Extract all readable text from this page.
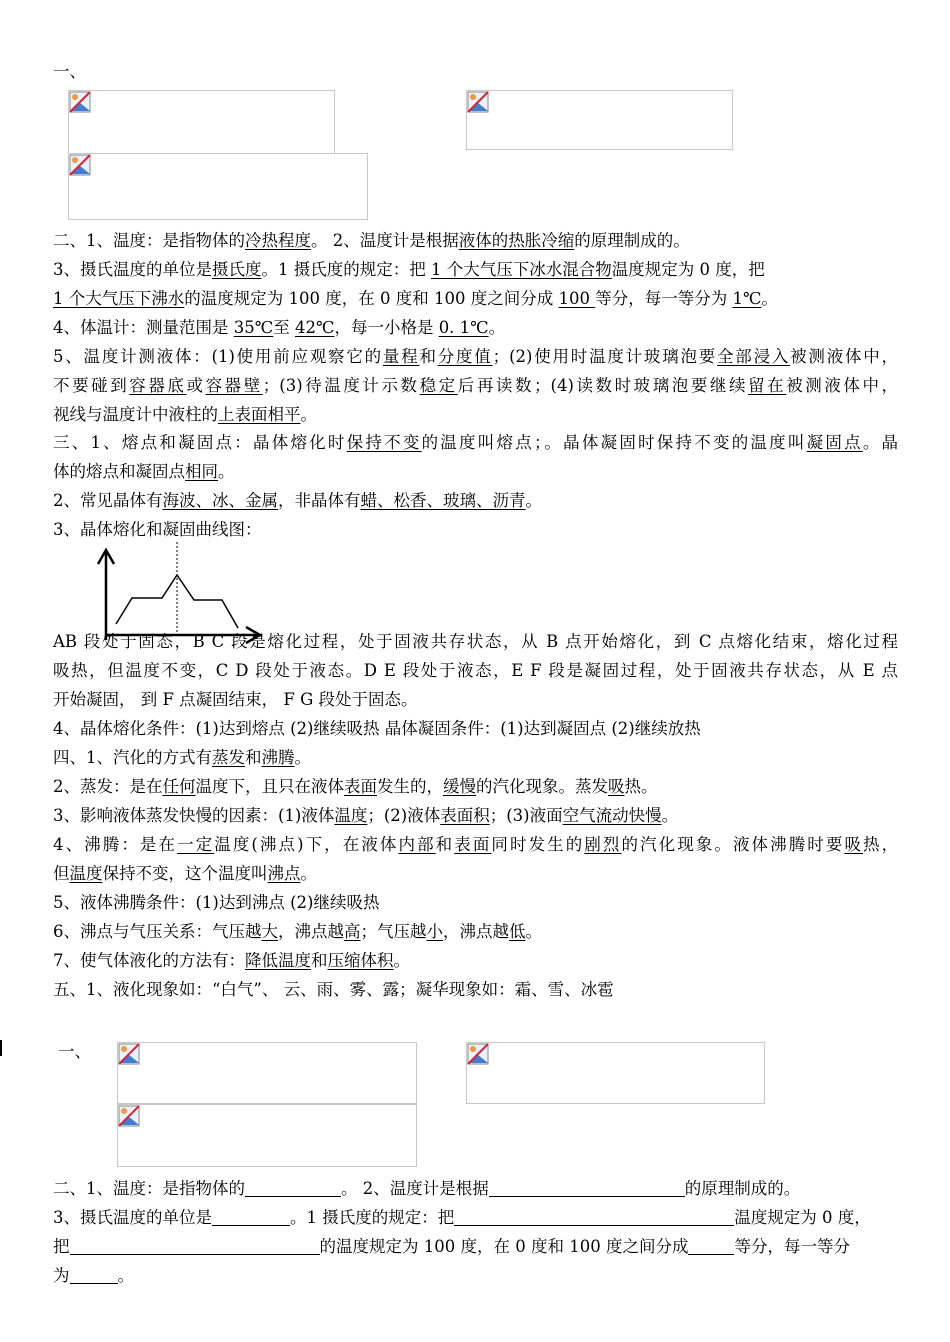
一、
二、1、温度：是指物体的冷热程度。 2、温度计是根据液体的热胀冷缩的原理制成的。
3、摄氏温度的单位是摄氏度。1 摄氏度的规定：把 1 个大气压下冰水混合物温度规定为 0 度，把
1 个大气压下沸水的温度规定为 100 度，在 0 度和 100 度之间分成 100 等分，每一等分为 1℃。
4、体温计：测量范围是 35℃至 42℃，每一小格是 0. 1℃。
5、温度计测液体：(1)使用前应观察它的量程和分度值；(2)使用时温度计玻璃泡要全部浸入被测液体中，
不要碰到容器底或容器壁；(3)待温度计示数稳定后再读数；(4)读数时玻璃泡要继续留在被测液体中，
视线与温度计中液柱的上表面相平。
三、1、熔点和凝固点：晶体熔化时保持不变的温度叫熔点；。晶体凝固时保持不变的温度叫凝固点。晶
体的熔点和凝固点相同。
2、常见晶体有海波、冰、金属，非晶体有蜡、松香、玻璃、沥青。
3、晶体熔化和凝固曲线图：
AB 段处于固态，B C 段是熔化过程，处于固液共存状态，从 B 点开始熔化，到 C 点熔化结束，熔化过程
吸热，但温度不变，C D 段处于液态。D E 段处于液态，E F 段是凝固过程，处于固液共存状态，从 E 点
开始凝固， 到 F 点凝固结束， F G 段处于固态。
4、晶体熔化条件：(1)达到熔点 (2)继续吸热 晶体凝固条件：(1)达到凝固点 (2)继续放热
四、1、汽化的方式有蒸发和沸腾。
2、蒸发：是在任何温度下，且只在液体表面发生的，缓慢的汽化现象。蒸发吸热。
3、影响液体蒸发快慢的因素：(1)液体温度；(2)液体表面积；(3)液面空气流动快慢。
4、沸腾：是在一定温度(沸点)下，在液体内部和表面同时发生的剧烈的汽化现象。液体沸腾时要吸热，
但温度保持不变，这个温度叫沸点。
5、液体沸腾条件：(1)达到沸点 (2)继续吸热
6、沸点与气压关系：气压越大，沸点越高；气压越小，沸点越低。
7、使气体液化的方法有：降低温度和压缩体积。
五、1、液化现象如：“白气”、 云、雨、雾、露；凝华现象如：霜、雪、冰雹
一、
二、1、温度：是指物体的	。 2、温度计是根据	的原理制成的。
3、摄氏温度的单位是	。1 摄氏度的规定：把	温度规定为 0 度，
把	的温度规定为 100 度，在 0 度和 100 度之间分成	等分，每一等分
为	。
